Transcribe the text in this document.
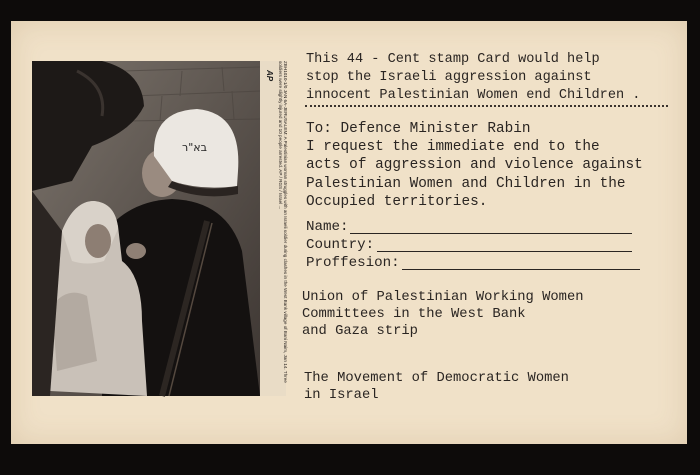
בא"ר
AP	ZBH1010-1/0 JAN 6A-JERUSALEM: A Palestinian woman struggles with an Israeli soldier during clashes in the West Bank village of Bani Naim, Jan 14. Three soldiers were slightly injured and 10 people arrested. AP / RGS / Israel ...
This 44 - Cent stamp Card would help
stop the Israeli aggression against
innocent Palestinian Women end Children .
To: Defence Minister Rabin
I request the immediate end to the
acts of aggression and violence against
Palestinian Women and Children in the
Occupied territories.
Name:
Country:
Proffesion:
Union of Palestinian Working Women
Committees in the West Bank
and Gaza strip
The Movement of Democratic Women
in Israel
